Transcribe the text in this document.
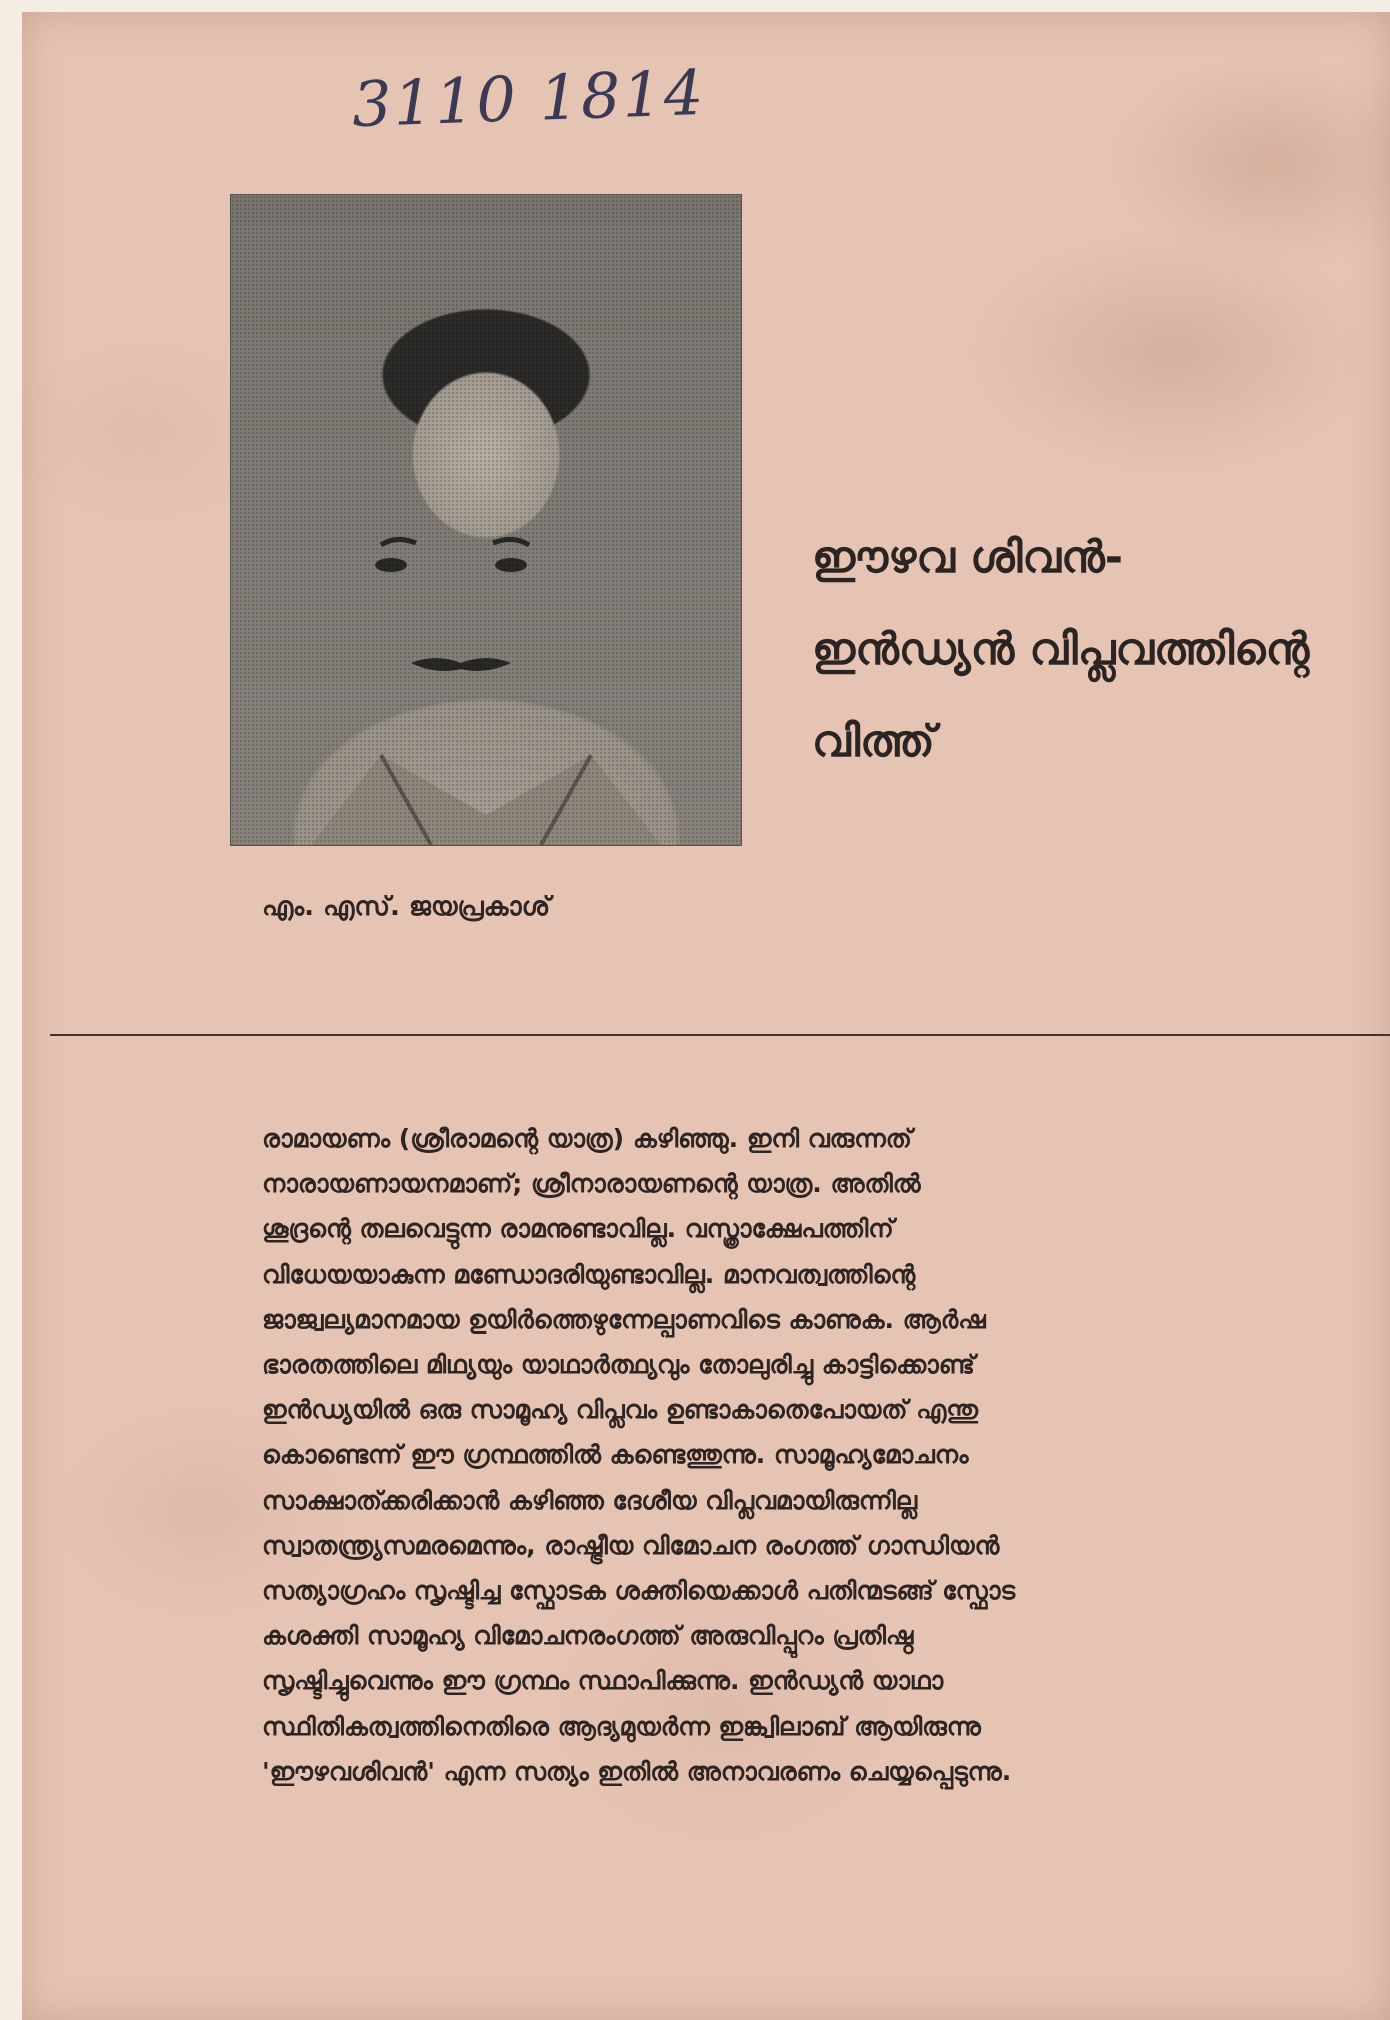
3110 1814
ഈഴവ ശിവൻ-
ഇൻഡ്യൻ വിപ്ലവത്തിന്റെ
വിത്ത്
എം. എസ്. ജയപ്രകാശ്
രാമായണം (ശ്രീരാമന്റെ യാത്ര) കഴിഞ്ഞു. ഇനി വരുന്നത്
നാരായണായനമാണ്; ശ്രീനാരായണന്റെ യാത്ര. അതിൽ
ശൂദ്രന്റെ തലവെട്ടുന്ന രാമനുണ്ടാവില്ല. വസ്ത്രാക്ഷേപത്തിന്
വിധേയയാകുന്ന മണ്ഡോദരിയുണ്ടാവില്ല. മാനവത്വത്തിന്റെ
ജാജ്വല്യമാനമായ ഉയിർത്തെഴുന്നേല്പാണവിടെ കാണുക. ആർഷ
ഭാരതത്തിലെ മിഥ്യയും യാഥാർത്ഥ്യവും തോലുരിച്ചു കാട്ടിക്കൊണ്ട്
ഇൻഡ്യയിൽ ഒരു സാമൂഹ്യ വിപ്ലവം ഉണ്ടാകാതെപോയത് എന്തു
കൊണ്ടെന്ന് ഈ ഗ്രന്ഥത്തിൽ കണ്ടെത്തുന്നു. സാമൂഹ്യമോചനം
സാക്ഷാത്ക്കരിക്കാൻ കഴിഞ്ഞ ദേശീയ വിപ്ലവമായിരുന്നില്ല
സ്വാതന്ത്ര്യസമരമെന്നും, രാഷ്ട്രീയ വിമോചന രംഗത്ത് ഗാന്ധിയൻ
സത്യാഗ്രഹം സൃഷ്ടിച്ച സ്ഫോടക ശക്തിയെക്കാൾ പതിന്മടങ്ങ് സ്ഫോട
കശക്തി സാമൂഹ്യ വിമോചനരംഗത്ത് അരുവിപ്പുറം പ്രതിഷ്ഠ
സൃഷ്ടിച്ചുവെന്നും ഈ ഗ്രന്ഥം സ്ഥാപിക്കുന്നു. ഇൻഡ്യൻ യാഥാ
സ്ഥിതികത്വത്തിനെതിരെ ആദ്യമുയർന്ന ഇങ്ക്വിലാബ് ആയിരുന്നു
'ഈഴവശിവൻ' എന്ന സത്യം ഇതിൽ അനാവരണം ചെയ്യപ്പെടുന്നു.
